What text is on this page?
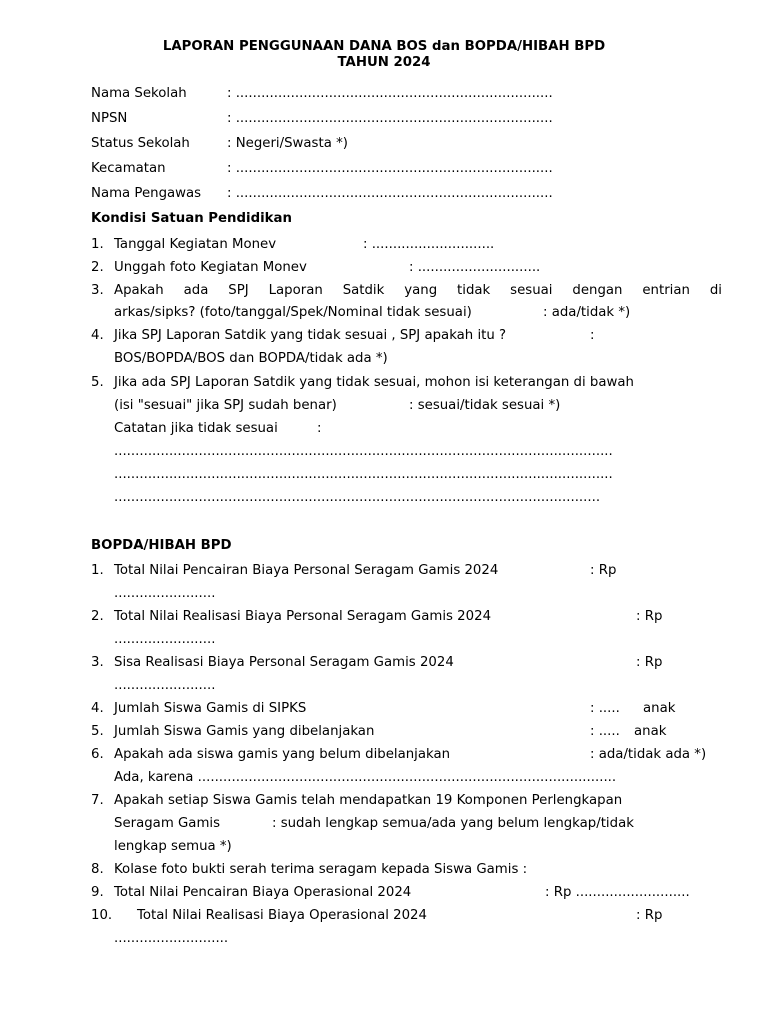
LAPORAN PENGGUNAAN DANA BOS dan BOPDA/HIBAH BPD
TAHUN 2024
Nama Sekolah	: ...........................................................................
NPSN	: ...........................................................................
Status Sekolah	: Negeri/Swasta *)
Kecamatan	: ...........................................................................
Nama Pengawas : ...........................................................................
Kondisi Satuan Pendidikan
1. Tanggal Kegiatan Monev	: .............................
2. Unggah foto Kegiatan Monev	: .............................
3. Apakah ada SPJ Laporan Satdik yang tidak sesuai dengan entrian di
arkas/sipks? (foto/tanggal/Spek/Nominal tidak sesuai)	: ada/tidak *)
4. Jika SPJ Laporan Satdik yang tidak sesuai , SPJ apakah itu ?	:
BOS/BOPDA/BOS dan BOPDA/tidak ada *)
5. Jika ada SPJ Laporan Satdik yang tidak sesuai, mohon isi keterangan di bawah
(isi "sesuai" jika SPJ sudah benar)	: sesuai/tidak sesuai *)
Catatan jika tidak sesuai	:
......................................................................................................................
......................................................................................................................
...................................................................................................................
BOPDA/HIBAH BPD
1. Total Nilai Pencairan Biaya Personal Seragam Gamis 2024	: Rp
........................
2. Total Nilai Realisasi Biaya Personal Seragam Gamis 2024	: Rp
........................
3. Sisa Realisasi Biaya Personal Seragam Gamis 2024	: Rp
........................
4. Jumlah Siswa Gamis di SIPKS	: ..... anak
5. Jumlah Siswa Gamis yang dibelanjakan	: ..... anak
6. Apakah ada siswa gamis yang belum dibelanjakan	: ada/tidak ada *)
Ada, karena ...................................................................................................
7. Apakah setiap Siswa Gamis telah mendapatkan 19 Komponen Perlengkapan
Seragam Gamis	: sudah lengkap semua/ada yang belum lengkap/tidak
lengkap semua *)
8. Kolase foto bukti serah terima seragam kepada Siswa Gamis :
9. Total Nilai Pencairan Biaya Operasional 2024	: Rp ...........................
10. Total Nilai Realisasi Biaya Operasional 2024	: Rp
...........................
